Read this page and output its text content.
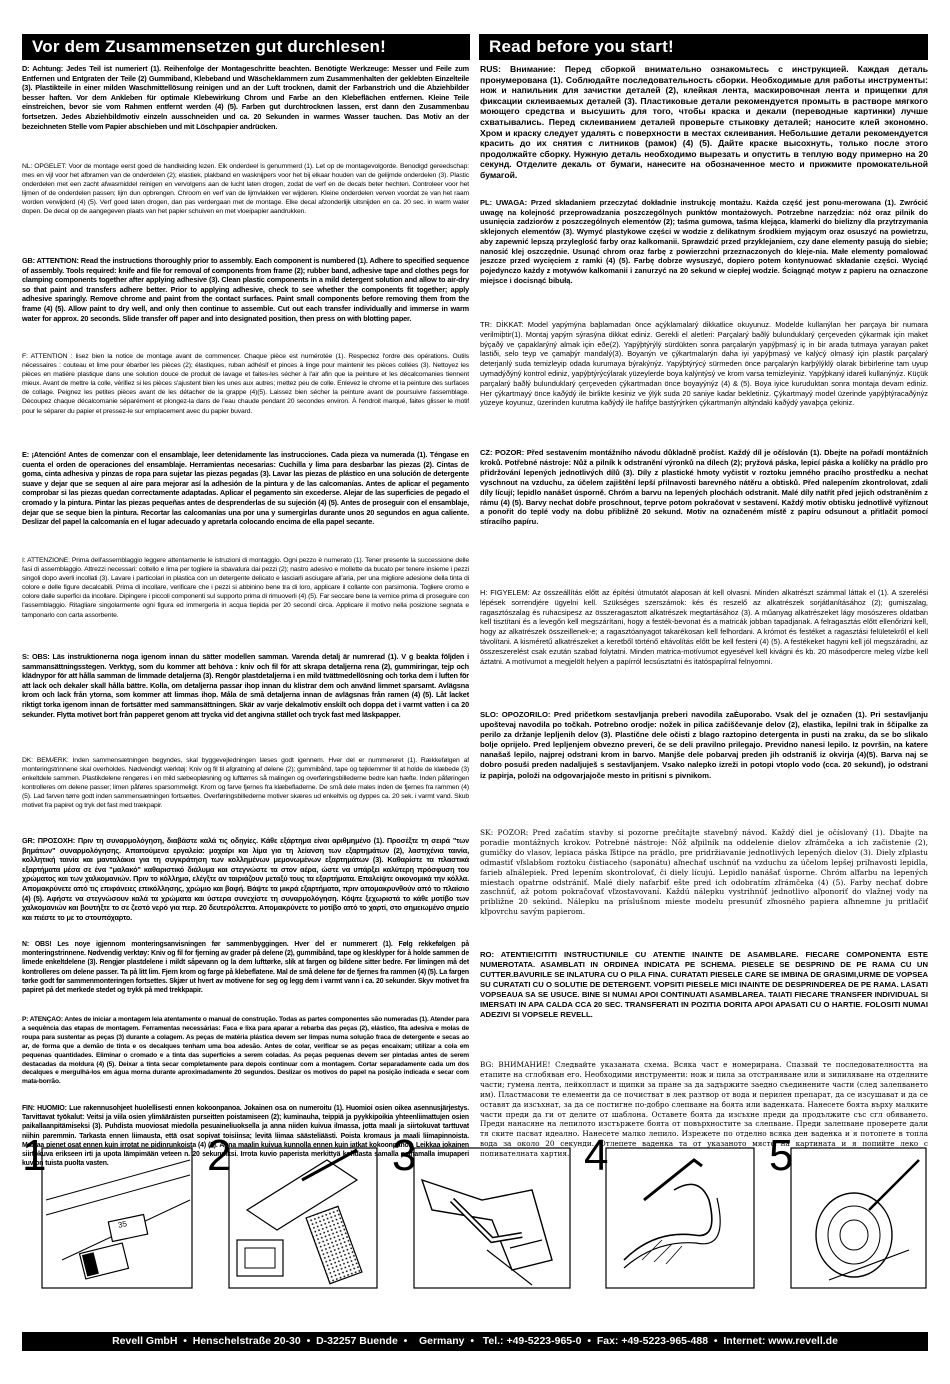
Vor dem Zusammensetzen gut durchlesen!	Read before you start!

D: Achtung: Jedes Teil ist numeriert (1). Reihenfolge der Montageschritte beachten. Benötigte Werkzeuge: Messer und Feile zum Entfernen und Entgraten der Teile (2) Gummiband, Klebeband und Wäscheklammern zum Zusammenhalten der geklebten Einzelteile (3). Plastikteile in einer milden Waschmittellösung reinigen und an der Luft trocknen, damit der Farbanstrich und die Abziehbilder besser haften. Vor dem Ankleben für optimale Klebewirkung Chrom und Farbe an den Klebeflächen entfernen. Kleine Teile einstreichen, bevor sie vom Rahmen entfernt werden (4) (5). Farben gut durchtrocknen lassen, erst dann den Zusammenbau fortsetzen. Jedes Abziehbildmotiv einzeln ausschneiden und ca. 20 Sekunden in warmes Wasser tauchen. Das Motiv an der bezeichneten Stelle vom Papier abschieben und mit Löschpapier andrücken.

NL: OPGELET: Voor de montage eerst goed de handleiding lezen. Elk onderdeel is genummerd (1). Let op de montagevolgorde. Benodigd gereedschap: mes en vijl voor het afbramen van de onderdelen (2); elastiek, plakband en wasknijpers voor het bij elkaar houden van de gelijmde onderdelen (3). Plastic onderdelen met een zacht afwasmiddel reinigen en vervolgens aan de lucht laten drogen, zodat de verf en de decals beter hechten. Controleer voor het lijmen of de onderdelen passen; lijm dun opbrengen. Chroom en verf van de lijmvlakken ver wijderen. Kleine onderdelen verven voordat ze van het raam worden verwijderd (4) (5). Verf goed laten drogen, dan pas verdergaan met de montage. Elke decal afzonderlijk uitsnijden en ca. 20 sec. in warm water dopen. De decal op de aangegeven plaats van het papier schuiven en met vloeipapier aandrukken.

GB: ATTENTION: Read the instructions thoroughly prior to assembly. Each component is numbered (1). Adhere to specified sequence of assembly. Tools required: knife and file for removal of components from frame (2); rubber band, adhesive tape and clothes pegs for clamping components together after applying adhesive (3). Clean plastic components in a mild detergent solution and allow to air-dry so that paint and transfers adhere better. Prior to applying adhesive, check to see whether the components fit together; apply adhesive sparingly. Remove chrome and paint from the contact surfaces. Paint small components before removing them from the frame (4) (5). Allow paint to dry well, and only then continue to assemble. Cut out each transfer individually and immerse in warm water for approx. 20 seconds. Slide transfer off paper and into designated position, then press on with blotting paper.

F: ATTENTION : lisez bien la notice de montage avant de commencer. Chaque pièce est numérotée (1). Respectez l'ordre des opérations. Outils nécessaires : couteau et lime pour ébarber les pièces (2); élastiques, ruban adhésif et pinces à linge pour maintenir les pièces collées (3). Nettoyez les pièces en matière plastique dans une solution douce de produit de lavage et faites-les sécher à l'air afin que la peinture et les décalcomanies tiennent mieux. Avant de mettre la colle, vérifiez si les pièces s'ajustent bien les unes aux autres; mettez peu de colle. Enlevez le chrome et la peinture des surfaces de collage. Peignez les petites pièces avant de les détacher de la grappe (4)(5). Laissez bien sécher la peinture avant de poursuivre l'assemblage. Découpez chaque décalcomanie séparément et plongez-la dans de l'eau chaude pendant 20 secondes environ. À l'endroit marqué, faites glisser le motif pour le séparer du papier et pressez-le sur emplacement avec du papier buvard.

E: ¡Atención! Antes de comenzar con el ensamblaje, leer detenidamente las instrucciones. Cada pieza va numerada (1). Téngase en cuenta el orden de operaciones del ensamblaje. Herramientas necesarias: Cuchilla y lima para desbarbar las piezas (2). Cintas de goma, cinta adhesiva y pinzas de ropa para sujetar las piezas pegadas (3). Lavar las piezas de plástico en una solución de detergente suave y dejar que se sequen al aire para mejorar así la adhesión de la pintura y de las calcomanías. Antes de aplicar el pegamento comprobar si las piezas quedan correctamente adaptadas. Aplicar el pegamento sin excederse. Alejar de las superficies de pegado el cromado y la pintura. Pintar las piezas pequeñas antes de desprenderlas de su sujeción (4) (5). Antes de proseguir con el ensamblaje, dejar que se seque bien la pintura. Recortar las calcomanías una por una y sumergirlas durante unos 20 segundos en agua caliente. Deslizar del papel la calcomanía en el lugar adecuado y apretarla colocando encima de ella papel secante.

I: ATTENZIONE: Prima dell'assemblaggio leggere attentamente le istruzioni di montaggio. Ogni pezzo è numerato (1). Tener presente la successione delle fasi di assemblaggio. Attrezzi necessari: coltello e lima per togliere la sbavatura dai pezzi (2); nastro adesivo e mollette da bucato per tenere insieme i pezzi singoli dopo averli incollati (3). Lavare i particolari in plastica con un detergente delicato e lasciarli asciugare all'aria, per una migliore adesione della tinta di colore e delle figure decalcabili. Prima di incollare, verificare che i pezzi si abbinino bene tra di loro, applicare il collante con parsimonia. Togliere cromo e colore dalle superfici da incollare. Dipingere i piccoli componenti sul supporto prima di rimuoverli (4) (5). Far seccare bene la vernice prima di proseguire con l'assemblaggio. Ritagliare singolarmente ogni figura ed immergerla in acqua tiepida per 20 secondi circa. Applicare il motivo nella posizione segnata e tamponarlo con carta assorbente.

S: OBS: Läs instruktionerna noga igenom innan du sätter modellen samman. Varenda detalj är numrerad (1). V g beakta följden i sammansättningsstegen. Verktyg, som du kommer att behöva : kniv och fil för att skrapa detaljerna rena (2), gummiringar, tejp och klädnypor för att hålla samman de limmade detaljerna (3). Rengör plastdetaljerna i en mild tvättmedellösning och torka dem i luften för att lack och dekaler skall hålla bättre. Kolla, om detaljerna passar ihop innan du klistrar dem och använd limmet sparsamt. Avlägsna krom och lack från ytorna, som kommer att limmas ihop. Måla de små detaljerna innan de avlägsnas från ramen (4) (5). Låt lacket riktigt torka igenom innan de fortsätter med sammansättningen. Skär av varje dekalmotiv enskilt och doppa det i varmt vatten i ca 20 sekunder. Flytta motivet bort från papperet genom att trycka vid det angivna stället och tryck fast med läskpapper.

DK: BEMÆRK: Inden sammensætningen begyndes, skal byggevejledningen læses godt igennem. Hver del er nummereret (1). Rækkefølgen af monteringstrinnene skal overholdes. Nødvendigt værktøj: Kniv og fil til afgratning af delene (2); gummibånd, tape og tøjklemmer til at holde de klæbede (3) enkeltdele sammen. Plastikdelene rengøres i en mild sæbeopløsning og lufttørres så malingen og overføringsbillederne bedre kan hæfte. Inden påføringen kontrolleres om delene passer; limen påføres sparsommeligt. Krom og farve fjernes fra klæbefladerne. De små dele males inden de fjernes fra rammen (4) (5). Lad farven tørre godt inden sammensætningen fortsættes. Overføringsbillederne motiver skæres ud enkeltvis og dyppes ca. 20 sek. i varmt vand. Skub motivet fra papiret og tryk det fast med trækpapir.

GR: ΠΡΟΣΟΧΗ: Πριν τη συναρμολόγηση, διαβάστε καλά τις οδηγίες. Κάθε εξάρτημα είναι αριθμημένο (1). Προσέξτε τη σειρά "των βημάτων" συναρμολόγησης. Απαιτούμενα εργαλεία: μαχαίρι και λίμα για τη λείανση των εξαρτημάτων (2), λαστιχένια ταινία, κολλητική ταινία και μανταλάκια για τη συγκράτηση των κολλημένων μεμονωμένων εξαρτημάτων (3). Καθαρίστε τα πλαστικά εξαρτήματα μέσα σε ένα "μαλακό" καθαριστικό διάλυμα και στεγνώστε τα στον αέρα, ώστε να υπάρξει καλύτερη πρόσφυση του χρώματος και των χαλκομανιών. Πριν το κόλλημα, ελέγξτε αν ταιριάζουν μεταξύ τους τα εξαρτήματα. Επαλείψτε οικονομικά την κόλλα. Απομακρύνετε από τις επιφάνειες επικόλλησης, χρώμιο και βαφή. Βάψτε τα μικρά εξαρτήματα, πριν απομακρυνθούν από το πλαίσιο (4) (5). Αφήστε να στεγνώσουν καλά τα χρώματα και ύστερα συνεχίστε τη συναρμολόγηση. Κόψτε ξεχωριστά το κάθε μοτίβο των χαλκομανιών και βουτήξτε το σε ζεστό νερό για περ. 20 δευτερόλεπτα. Απομακρύνετε το μοτίβο από το χαρτί, στο σημειωμένο σημείο και πιέστε το με το στουπόχαρτο.

N: OBS! Les noye igjennom monteringsanvisningen før sammenbyggingen. Hver del er nummerert (1). Følg rekkefølgen på monteringstrinnene. Nødvendig verktøy: Kniv og fil for fjerning av grader på delene (2), gummibånd, tape og klesklyper for å holde sammen de limede enkeltdelene (3). Rengjør plastdelene i mildt såpevann og la dem lufttørke, slik at fargen og bildene sitter bedre. Før limingen må det kontrolleres om delene passer. Ta på litt lim. Fjern krom og farge på klebeflatene. Mal de små delene før de fjernes fra rammen (4) (5). La fargen tørke godt før sammenmonteringen fortsettes. Skjær ut hvert av motivene for seg og legg dem i varmt vann i ca. 20 sekunder. Skyv motivet fra papiret på det merkede stedet og trykk på med trekkpapir.

P: ATENÇÃO: Antes de iniciar a montagem leia atentamente o manual de construção. Todas as partes componentes são numeradas (1). Atender para a sequência das etapas de montagem. Ferramentas necessárias: Faca e lixa para aparar a rebarba das peças (2), elástico, fita adesiva e molas de roupa para sustentar as peças (3) durante a colagem. As peças de matéria plástica devem ser limpas numa solução fraca de detergente e secas ao ar, de forma que a demão de tinta e os decalques tenham uma boa adesão. Antes de colar, verificar se as peças encaixam; utilizar a cola em pequenas quantidades. Eliminar o cromado e a tinta das superfícies a serem coladas. As peças pequenas devem ser pintadas antes de serem destacadas da moldura (4) (5). Deixar a tinta secar completamente para depois continuar com a montagem. Cortar separadamente cada um dos decalques e mergulhá-los em água morna durante aproximadamente 20 segundos. Deslizar os motivos do papel na posição indicada e secar com mata-borrão.

FIN: HUOMIO: Lue rakennusohjeet huolellisesti ennen kokoonpanoa. Jokainen osa on numeroitu (1). Huomioi osien oikea asennusjärjestys. Tarvittavat työkalut: Veitsi ja viila osien ylimääräisten purseitten poistamiseen (2); kuminauha, teippiä ja pyykkipoikia yhteenliimattujen osien paikallaanpitämiseksi (3). Puhdista muoviosat miedolla pesuaineliuoksella ja anna niiden kuivua ilmassa, jotta maali ja siirtokuvat tarttuvat niihin paremmin. Tarkasta ennen liimausta, että osat sopivat toisiinsa; levitä liimaa säästeliäästi. Poista kromaus ja maali liimapinnoista. Maalaa pienet osat ennen kuin irrotat ne pidinrunkoista (4) (5). Anna maalin kuivua kunnolla ennen kuin jatkat kokoonpanoa. Leikkaa jokainen siirtokuva erikseen irti ja upota lämpimään veteen n. 20 sekunniksi. Irrota kuvio paperista merkittyä kohdasta samalla painamalla imupaperi kuvion tuista puolta vasten.

RUS: Внимание: Перед сборкой внимательно ознакомьтесь с инструкцией. Каждая деталь пронумерована (1). Соблюдайте последовательность сборки. Необходимые для работы инструменты: нож и напильник для зачистки деталей (2), клейкая лента, маскировочная лента и прищепки для фиксации склеиваемых деталей (3). Пластиковые детали рекомендуется промыть в растворе мягкого моющего средства и высушить для того, чтобы краска и декали (переводные картинки) лучше схватывались. Перед склеиванием деталей проверьте стыковку деталей; наносите клей экономно. Хром и краску следует удалять с поверхности в местах склеивания. Небольшие детали рекомендуется красить до их снятия с литников (рамок) (4) (5). Дайте краске высохнуть, только после этого продолжайте сборку. Нужную деталь необходимо вырезать и опустить в теплую воду примерно на 20 секунд. Отделите декаль от бумаги, нанесите на обозначенное место и прижмите промокательной бумагой.

PL: UWAGA: Przed składaniem przeczytać dokładnie instrukcję montażu. Każda część jest ponu-merowana (1). Zwrócić uwagę na kolejność przeprowadzania poszczególnych punktów montażowych. Potrzebne narzędzia: nóż oraz pilnik do usunięcia zadziorów z poszczególnych elementów (2); taśma gumowa, taśma klejąca, klamerki do bielizny dla przytrzymania sklejonych elementów (3). Wymyć plastykowe części w wodzie z delikatnym środkiem myjącym oraz osuszyć na powietrzu, aby zapewnić lepszą przyleglość farby oraz kalkomanii. Sprawdzić przed przyklejaniem, czy dane elementy pasują do siebie; nanosić klej oszczędnie. Usunąć chrom oraz farbę z powierzchni przeznaczonych do kleje-nia. Małe elementy pomalować jeszcze przed wycięciem z ramki (4) (5). Farbę dobrze wysuszyć, dopiero potem kontynuować składanie części. Wyciąć pojedynczo każdy z motywów kalkomanii i zanurzyć na 20 sekund w ciepłej wodzie. Ściągnąć motyw z papieru na oznaczone miejsce i docisnąć bibułą.

TR: DİKKAT: Model yapýmýna baþlamadan önce açýklamalarý dikkatlice okuyunuz. Modelde kullanýlan her parçaya bir numara verilmiþtir(1). Montaj yapým sýrasýna dikkat ediniz. Gerekli el aletleri: Parçalarý baðlý bulunduklarý çerçeveden çýkarmak için maket býçaðý ve çapaklarýný almak için eðe(2). Yapýþtýrýlý sürdükten sonra parçalarýn yapýþmasý iç in bir arada tutmaya yarayan paket lastiði, selo teyp ve çamaþýr mandalý(3). Boyanýn ve çýkartmalarýn daha iyi yapýþmasý ve kalýcý olmasý için plastik parçalarý deterjanlý suda temizleyip odada kurumaya býrakýnýz. Yapýþtýrýcý sürmeden önce parçalarýn karþýlýklý olarak birbirlerine tam uyup uymadýðýný kontrol ediniz, yapýþtýrýcýlarak yüzeylerde boya kalýntýsý ve krom varsa temizleyiniz. Yapýþkaný idareli kullanýnýz. Küçük parçalarý baðlý bulunduklarý çerçeveden çýkartmadan önce boyayýnýz (4) & (5). Boya iyice kuruduktan sonra montaja devam ediniz. Her çýkartmayý önce kaðýdý ile birlikte kesiniz ve ýlýk suda 20 saniye kadar bekletiniz. Çýkartmayý model üzerinde yapýþtýracaðýnýz yüzeye koyunuz, üzerinden kurutma kaðýdý ile hafifçe bastýrýrken çýkartmanýn altýndaki kaðýdý yavaþça çekiniz.

CZ: POZOR: Před sestavením montážního návodu důkladně pročíst. Každý díl je očíslován (1). Dbejte na pořadí montážních kroků. Potřebné nástroje: Nůž a pilník k odstranění výronků na dílech (2); pryžová páska, lepicí páska a kolíčky na prádlo pro přidržování lepených jednotlivých dílů (3). Díly z plastické hmoty vyčistit v roztoku jemného pracího prostředku a nechat vyschnout na vzduchu, za účelem zajištění lepší přilnavosti barevného nátěru a obtisků. Před nalepením zkontrolovat, zdali díly lícují; lepidlo nanášet úsporně. Chróm a barvu na lepených plochách odstranit. Malé díly natřít před jejich odstraněním z rámu (4) (5). Barvy nechat dobře proschnout, teprve potom pokračovat v sestavení. Každý motiv obtisku jednotlivě vyříznout a ponořit do teplé vody na dobu přibližně 20 sekund. Motiv na označeném místě z papíru odsunout a přitlačit pomocí stíracího papíru.

H: FIGYELEM: Az összeállítás előtt az építési útmutatót alaposan át kell olvasni. Minden alkatrészt számmal láttak el (1). A szerelési lépések sorrendjére ügyelni kell. Szükséges szerszámok: kés és reszelő az alkatrészek sorjátlanításához (2); gumiszalag, ragasztószalag és ruhacsipesz az összeragasztott alkatrészek megtartásához (3). A műanyag alkatrészeket lágy mosószeres oldatban kell tisztítani és a levegőn kell megszárítani, hogy a festék-bevonat és a matricák jobban tapadjanak. A felragasztás előtt ellenőrizni kell, hogy az alkatrészek összeillenek-e; a ragasztóanyagot takarékosan kell felhordani. A krómot és festéket a ragasztási felületekről el kell távolítani. A kisméretű alkatrészeket a keretből történő eltávolítás előtt be kell festeni (4) (5). A festékeket hagyni kell jól megszáradni, az összeszerelést csak ezután szabad folytatni. Minden matrica-motívumot egyesével kell kivágni és kb. 20 másodpercre meleg vízbe kell áztatni. A motívumot a megjelölt helyen a papírról lecsúsztatni és itatóspapírral felnyomni.

SLO: OPOZORILO: Pred pričetkom sestavljanja preberi navodila zaÈuporabo. Vsak del je označen (1). Pri sestavljanju upoštevaj navodila po točkah. Potrebno orodje: nožek in pilica začiščevanje delov (2), elastika, lepilni trak in ščipalke za perilo za držanje lepljenih delov (3). Plastične dele očisti z blago raztopino detergenta in pusti na zraku, da se bo slikalo bolje oprijelo. Pred lepljenjem obvezno preveri, če se deli pravilno prilegajo. Previdno nanesi lepilo. Iz površin, na katere nanašaš lepilo, najprej odstrani krom in barvo. Manjše dele pobarvaj preden jih odstraniš iz okvirja (4)(5). Barva naj se dobro posuši preden nadaljuješ s sestavljanjem. Vsako nalepko izreži in potopi vtoplo vodo (cca. 20 sekund), jo odstrani iz papirja, položi na odgovarjajoče mesto in pritisni s pivnikom.

SK: POZOR: Pred začatím stavby si pozorne prečítajte stavebný návod. Každý diel je očíslovaný (1). Dbajte na poradie montážnych krokov. Potrebné nástroje: Nôž aľpilník na oddelenie dielov zľrámčeka a ich začistenie (2), gumičky do vlasov, lepiaca páska ľštipce na prádlo, pre pridržiavanie jednotlivých lepených dielov (3). Diely zľplastu odmastiť vľslabšom roztoku čistiaceho (saponátu) aľnechať uschnúť na vzduchu za účelom lepšej priľnavosti lepidla, farieb aľnálepiek. Pred lepením skontrolovať, či diely lícujú. Lepidlo nanášať úsporne. Chróm aľfarbu na lepených miestach opatrne odstrániť. Malé diely nafarbiť ešte pred ich odobratím zľrámčeka (4) (5). Farby nechať dobre zaschnúť, až potom pokračovať vľzostavovaní. Každú nálepku vystrihnúť jednotlivo aľponoriť do vlažnej vody na približne 20 sekúnd. Nálepku na príslušnom mieste modelu presunúť zľnosného papiera aľhnemne ju pritlačiť kľpovrchu savým papierom.

RO: ATENTIE!CITITI INSTRUCTIUNILE CU ATENTIE INAINTE DE ASAMBLARE. FIECARE COMPONENTA ESTE NUMEROTATA. ASAMBLATI IN ORDINEA INDICATA PE SCHEMA. PIESELE SE DESPRIND DE PE RAMA CU UN CUTTER.BAVURILE SE INLATURA CU O PILA FINA. CURATATI PIESELE CARE SE IMBINA DE GRASIMI,URME DE VOPSEA SU CURATATI CU O SOLUTIE DE DETERGENT. VOPSITI PIESELE MICI INAINTE DE DESPRINDEREA DE PE RAMA. LASATI VOPSEAUA SA SE USUCE. BINE SI NUMAI APOI CONTINUATI ASAMBLAREA. TAIATI FIECARE TRANSFER INDIVIDUAL SI IMERSATI IN APA CALDA CCA 20 SEC. TRANSFERATI IN POZITIA DORITA APOI APASATI CU O HARTIE. FOLOSITI NUMAI ADEZIVI SI VOPSELE REVELL.

BG: ВНИМАНИЕ! Следвайте указаната схема. Всяка част е номерирана. Спазвай те последователността на етапите на сглобяван его. Необходими инструменти: нож и пила за отстраняване или и зипиляване на отделните части; гумена лента, лейкопласт и щипки за пране за да задържите заедно съединените части (след залепването им). Пластмасови те елементи да се почистват в лек разтвор от вода и перилен препарат, да се изсушават и да се оставят да изсъхнат, за да се постигне по-добро слепване на боята или ваденката. Нанесете боята върху малките части преди да ги от делите от шаблона. Оставете боята да изсъхне преди да продължите със сгл обяването. Преди нанасяне на лепилото изстържете боята от повърхностите за слепване. Преди залепване проверете дали тя ските пасват идеално. Нанесете малко лепило. Изрежете по отделно всяка ден ваденка и я потопете в топла вода за около 20 секунди. Отлепете ваденка та от указаното място на картината и я попийте леко с попивателната хартия.

1
35
2	3	4	5
Revell GmbH  •  Henschelstraße 20-30  •  D-32257 Buende  •    Germany  •   Tel.: +49-5223-965-0  •  Fax: +49-5223-965-488  •  Internet: www.revell.de
